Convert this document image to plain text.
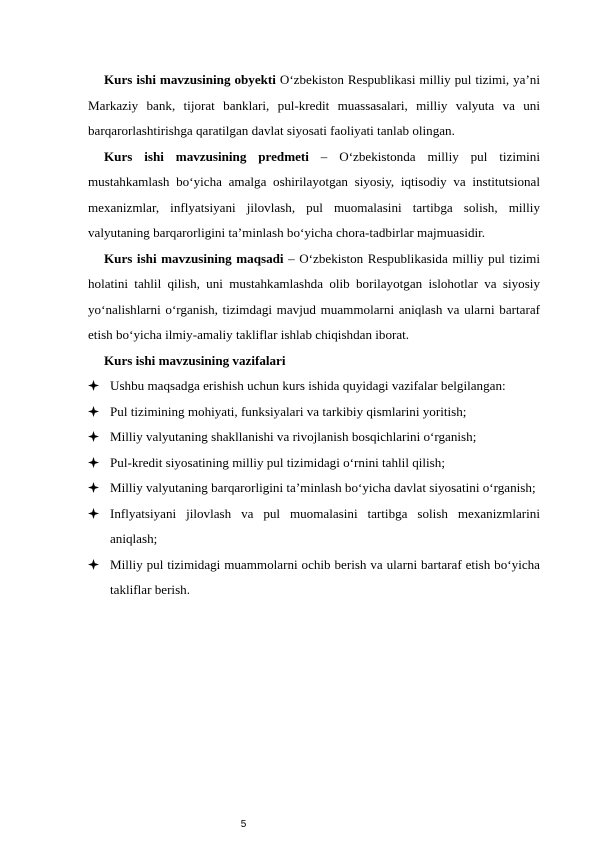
Kurs ishi mavzusining obyekti O‘zbekiston Respublikasi milliy pul tizimi, ya’ni Markaziy bank, tijorat banklari, pul-kredit muassasalari, milliy valyuta va uni barqarorlashtirishga qaratilgan davlat siyosati faoliyati tanlab olingan.

Kurs ishi mavzusining predmeti – O‘zbekistonda milliy pul tizimini mustahkamlash bo‘yicha amalga oshirilayotgan siyosiy, iqtisodiy va institutsional mexanizmlar, inflyatsiyani jilovlash, pul muomalasini tartibga solish, milliy valyutaning barqarorligini ta’minlash bo‘yicha chora-tadbirlar majmuasidir.

Kurs ishi mavzusining maqsadi – O‘zbekiston Respublikasida milliy pul tizimi holatini tahlil qilish, uni mustahkamlashda olib borilayotgan islohotlar va siyosiy yo‘nalishlarni o‘rganish, tizimdagi mavjud muammolarni aniqlash va ularni bartaraf etish bo‘yicha ilmiy-amaliy takliflar ishlab chiqishdan iborat.

Kurs ishi mavzusining vazifalari

Ushbu maqsadga erishish uchun kurs ishida quyidagi vazifalar belgilangan:
Pul tizimining mohiyati, funksiyalari va tarkibiy qismlarini yoritish;
Milliy valyutaning shakllanishi va rivojlanish bosqichlarini o‘rganish;
Pul-kredit siyosatining milliy pul tizimidagi o‘rnini tahlil qilish;
Milliy valyutaning barqarorligini ta’minlash bo‘yicha davlat siyosatini o‘rganish;
Inflyatsiyani jilovlash va pul muomalasini tartibga solish mexanizmlarini aniqlash;
Milliy pul tizimidagi muammolarni ochib berish va ularni bartaraf etish bo‘yicha takliflar berish.
5
